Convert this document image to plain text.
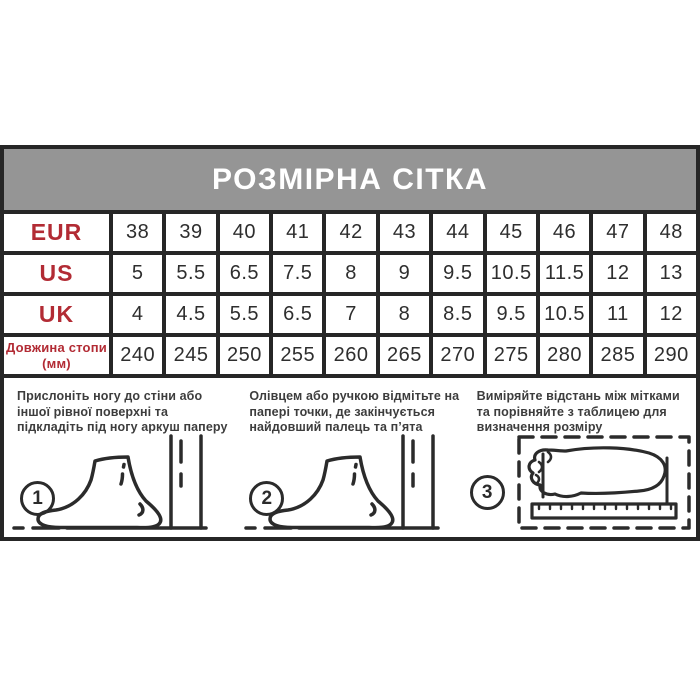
РОЗМІРНА СІТКА
EUR	38	39	40	41	42	43	44	45	46	47	48
US	5	5.5	6.5	7.5	8	9	9.5	10.5	11.5	12	13
UK	4	4.5	5.5	6.5	7	8	8.5	9.5	10.5	11	12
Довжина стопи (мм)	240	245	250	255	260	265	270	275	280	285	290

Прислоніть ногу до стіни або іншої рівної поверхні та підкладіть під ногу аркуш паперу

1

Олівцем або ручкою відмітьте на папері точки, де закінчується найдовший палець та п’ята

2

Виміряйте відстань між мітками та порівняйте з таблицею для визначення розміру

3
